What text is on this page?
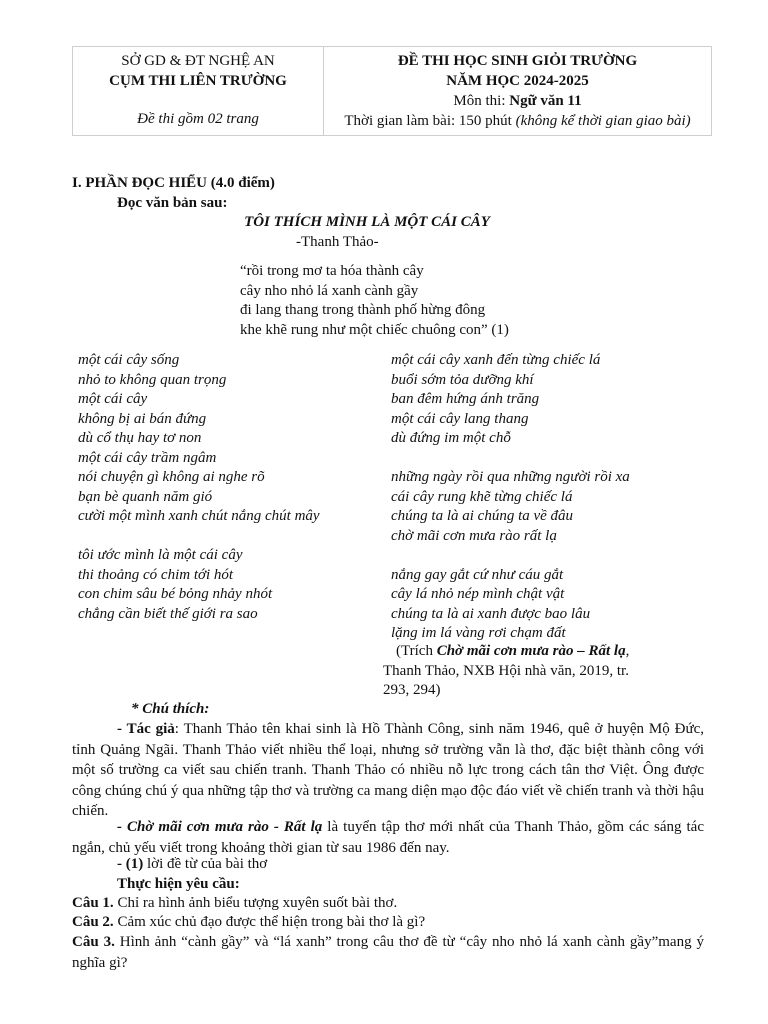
SỞ GD & ĐT NGHỆ AN
CỤM THI LIÊN TRƯỜNG
Đề thi gồm 02 trang

ĐỀ THI HỌC SINH GIỎI TRƯỜNG
NĂM HỌC 2024-2025
Môn thi: Ngữ văn 11
Thời gian làm bài: 150 phút (không kể thời gian giao bài)
I. PHẦN ĐỌC HIỂU (4.0 điểm)
Đọc văn bản sau:
TÔI THÍCH MÌNH LÀ MỘT CÁI CÂY
-Thanh Thảo-
“rồi trong mơ ta hóa thành cây
cây nho nhỏ lá xanh cành gầy
đi lang thang trong thành phố hừng đông
khe khẽ rung như một chiếc chuông con” (1)
một cái cây sống
nhỏ to không quan trọng
một cái cây
không bị ai bán đứng
dù cổ thụ hay tơ non
một cái cây trầm ngâm
nói chuyện gì không ai nghe rõ
bạn bè quanh năm gió
cười một mình xanh chút nắng chút mây
tôi ước mình là một cái cây
thi thoảng có chim tới hót
con chim sâu bé bỏng nhảy nhót
chẳng cần biết thế giới ra sao
một cái cây xanh đến từng chiếc lá
buổi sớm tỏa dưỡng khí
ban đêm hứng ánh trăng
một cái cây lang thang
dù đứng im một chỗ
những ngày rồi qua những người rồi xa
cái cây rung khẽ từng chiếc lá
chúng ta là ai chúng ta về đâu
chờ mãi cơn mưa rào rất lạ
nắng gay gắt cứ như cáu gắt
cây lá nhỏ nép mình chật vật
chúng ta là ai xanh được bao lâu
lặng im lá vàng rơi chạm đất
(Trích Chờ mãi cơn mưa rào – Rất lạ,
Thanh Thảo, NXB Hội nhà văn, 2019, tr.
293, 294)
* Chú thích:
- Tác giả: Thanh Thảo tên khai sinh là Hồ Thành Công, sinh năm 1946, quê ở huyện Mộ Đức, tỉnh Quảng Ngãi. Thanh Thảo viết nhiều thể loại, nhưng sở trường vẫn là thơ, đặc biệt thành công với một số trường ca viết sau chiến tranh. Thanh Thảo có nhiều nỗ lực trong cách tân thơ Việt. Ông được công chúng chú ý qua những tập thơ và trường ca mang diện mạo độc đáo viết về chiến tranh và thời hậu chiến.
- Chờ mãi cơn mưa rào - Rất lạ là tuyển tập thơ mới nhất của Thanh Thảo, gồm các sáng tác ngắn, chủ yếu viết trong khoảng thời gian từ sau 1986 đến nay.
- (1) lời đề từ của bài thơ
Thực hiện yêu cầu:
Câu 1. Chỉ ra hình ảnh biểu tượng xuyên suốt bài thơ.
Câu 2. Cảm xúc chủ đạo được thể hiện trong bài thơ là gì?
Câu 3. Hình ảnh “cành gầy” và “lá xanh” trong câu thơ đề từ “cây nho nhỏ lá xanh cành gầy”mang ý nghĩa gì?
